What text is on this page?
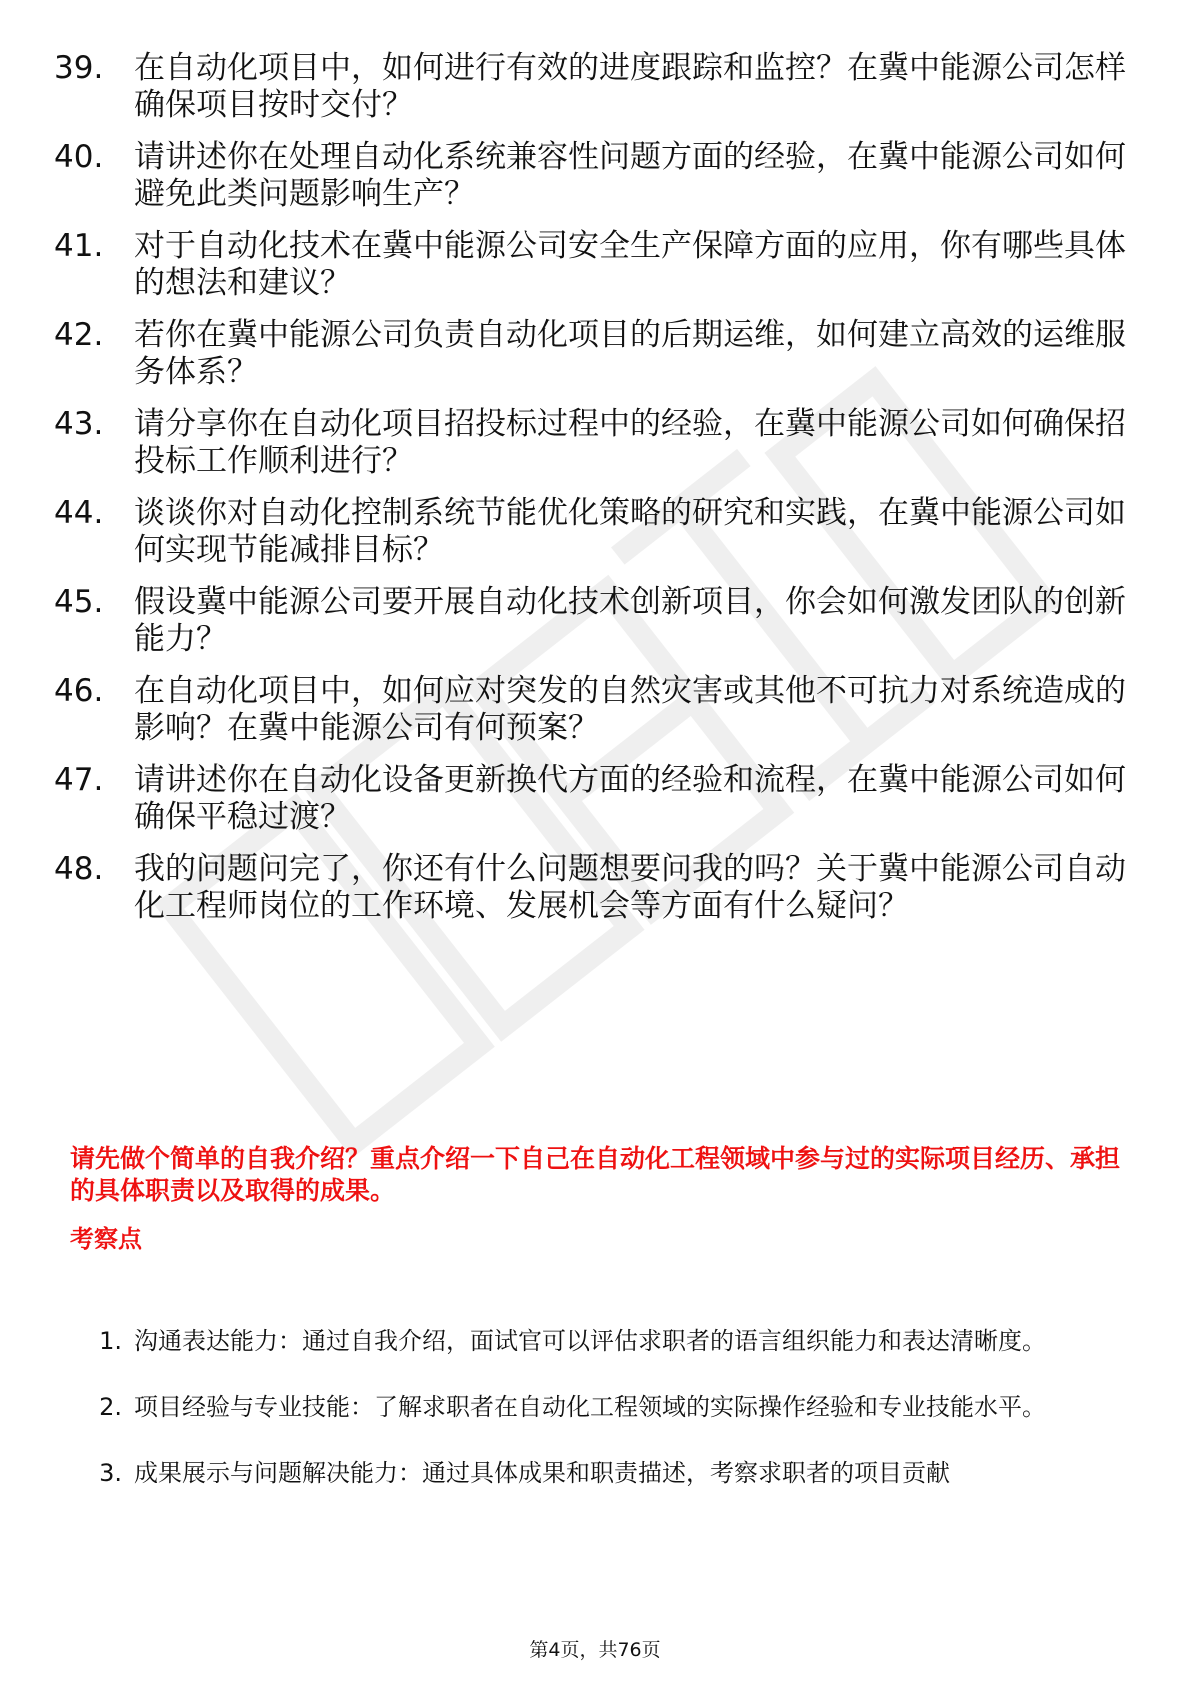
39. 在自动化项目中，如何进行有效的进度跟踪和监控？在冀中能源公司怎样确保项目按时交付？
40. 请讲述你在处理自动化系统兼容性问题方面的经验，在冀中能源公司如何避免此类问题影响生产？
41. 对于自动化技术在冀中能源公司安全生产保障方面的应用，你有哪些具体的想法和建议？
42. 若你在冀中能源公司负责自动化项目的后期运维，如何建立高效的运维服务体系？
43. 请分享你在自动化项目招投标过程中的经验，在冀中能源公司如何确保招投标工作顺利进行？
44. 谈谈你对自动化控制系统节能优化策略的研究和实践，在冀中能源公司如何实现节能减排目标？
45. 假设冀中能源公司要开展自动化技术创新项目，你会如何激发团队的创新能力？
46. 在自动化项目中，如何应对突发的自然灾害或其他不可抗力对系统造成的影响？在冀中能源公司有何预案？
47. 请讲述你在自动化设备更新换代方面的经验和流程，在冀中能源公司如何确保平稳过渡？
48. 我的问题问完了，你还有什么问题想要问我的吗？关于冀中能源公司自动化工程师岗位的工作环境、发展机会等方面有什么疑问？
请先做个简单的自我介绍？重点介绍一下自己在自动化工程领域中参与过的实际项目经历、承担的具体职责以及取得的成果。
考察点
1. 沟通表达能力：通过自我介绍，面试官可以评估求职者的语言组织能力和表达清晰度。
2. 项目经验与专业技能：了解求职者在自动化工程领域的实际操作经验和专业技能水平。
3. 成果展示与问题解决能力：通过具体成果和职责描述，考察求职者的项目贡献
第4页，共76页
